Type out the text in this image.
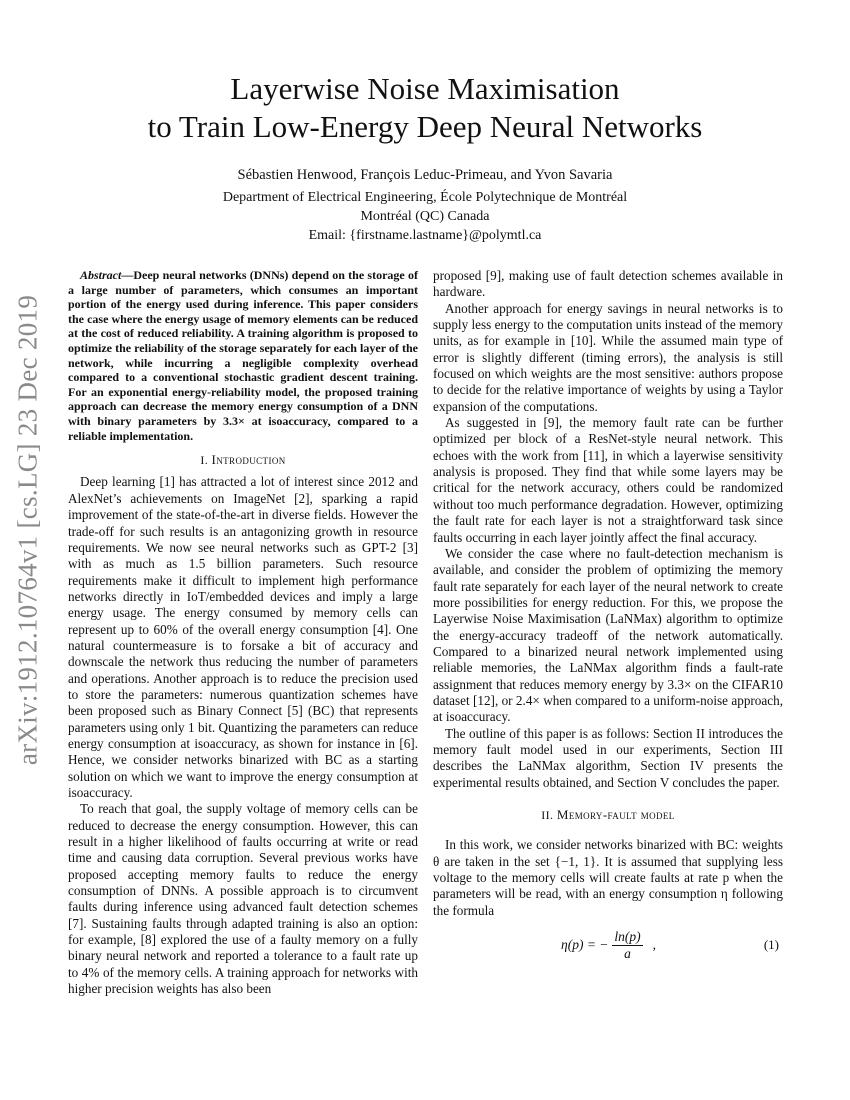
arXiv:1912.10764v1 [cs.LG] 23 Dec 2019
Layerwise Noise Maximisation
to Train Low-Energy Deep Neural Networks
Sébastien Henwood, François Leduc-Primeau, and Yvon Savaria
Department of Electrical Engineering, École Polytechnique de Montréal
Montréal (QC) Canada
Email: {firstname.lastname}@polymtl.ca

Abstract—Deep neural networks (DNNs) depend on the storage of a large number of parameters, which consumes an important portion of the energy used during inference. This paper considers the case where the energy usage of memory elements can be reduced at the cost of reduced reliability. A training algorithm is proposed to optimize the reliability of the storage separately for each layer of the network, while incurring a negligible complexity overhead compared to a conventional stochastic gradient descent training. For an exponential energy-reliability model, the proposed training approach can decrease the memory energy consumption of a DNN with binary parameters by 3.3× at isoaccuracy, compared to a reliable implementation.

I. Introduction

Deep learning [1] has attracted a lot of interest since 2012 and AlexNet’s achievements on ImageNet [2], sparking a rapid improvement of the state-of-the-art in diverse fields. However the trade-off for such results is an antagonizing growth in resource requirements. We now see neural networks such as GPT-2 [3] with as much as 1.5 billion parameters. Such resource requirements make it difficult to implement high performance networks directly in IoT/embedded devices and imply a large energy usage. The energy consumed by memory cells can represent up to 60% of the overall energy consumption [4]. One natural countermeasure is to forsake a bit of accuracy and downscale the network thus reducing the number of parameters and operations. Another approach is to reduce the precision used to store the parameters: numerous quantization schemes have been proposed such as Binary Connect [5] (BC) that represents parameters using only 1 bit. Quantizing the parameters can reduce energy consumption at isoaccuracy, as shown for instance in [6]. Hence, we consider networks binarized with BC as a starting solution on which we want to improve the energy consumption at isoaccuracy.

To reach that goal, the supply voltage of memory cells can be reduced to decrease the energy consumption. However, this can result in a higher likelihood of faults occurring at write or read time and causing data corruption. Several previous works have proposed accepting memory faults to reduce the energy consumption of DNNs. A possible approach is to circumvent faults during inference using advanced fault detection schemes [7]. Sustaining faults through adapted training is also an option: for example, [8] explored the use of a faulty memory on a fully binary neural network and reported a tolerance to a fault rate up to 4% of the memory cells. A training approach for networks with higher precision weights has also been

proposed [9], making use of fault detection schemes available in hardware.

Another approach for energy savings in neural networks is to supply less energy to the computation units instead of the memory units, as for example in [10]. While the assumed main type of error is slightly different (timing errors), the analysis is still focused on which weights are the most sensitive: authors propose to decide for the relative importance of weights by using a Taylor expansion of the computations.

As suggested in [9], the memory fault rate can be further optimized per block of a ResNet-style neural network. This echoes with the work from [11], in which a layerwise sensitivity analysis is proposed. They find that while some layers may be critical for the network accuracy, others could be randomized without too much performance degradation. However, optimizing the fault rate for each layer is not a straightforward task since faults occurring in each layer jointly affect the final accuracy.

We consider the case where no fault-detection mechanism is available, and consider the problem of optimizing the memory fault rate separately for each layer of the neural network to create more possibilities for energy reduction. For this, we propose the Layerwise Noise Maximisation (LaNMax) algorithm to optimize the energy-accuracy tradeoff of the network automatically. Compared to a binarized neural network implemented using reliable memories, the LaNMax algorithm finds a fault-rate assignment that reduces memory energy by 3.3× on the CIFAR10 dataset [12], or 2.4× when compared to a uniform-noise approach, at isoaccuracy.

The outline of this paper is as follows: Section II introduces the memory fault model used in our experiments, Section III describes the LaNMax algorithm, Section IV presents the experimental results obtained, and Section V concludes the paper.

II. Memory-fault model

In this work, we consider networks binarized with BC: weights θ are taken in the set {−1, 1}. It is assumed that supplying less voltage to the memory cells will create faults at rate p when the parameters will be read, with an energy consumption η following the formula

η(p) = − $\frac{\ln(p)}{a}$ ,	(1)
